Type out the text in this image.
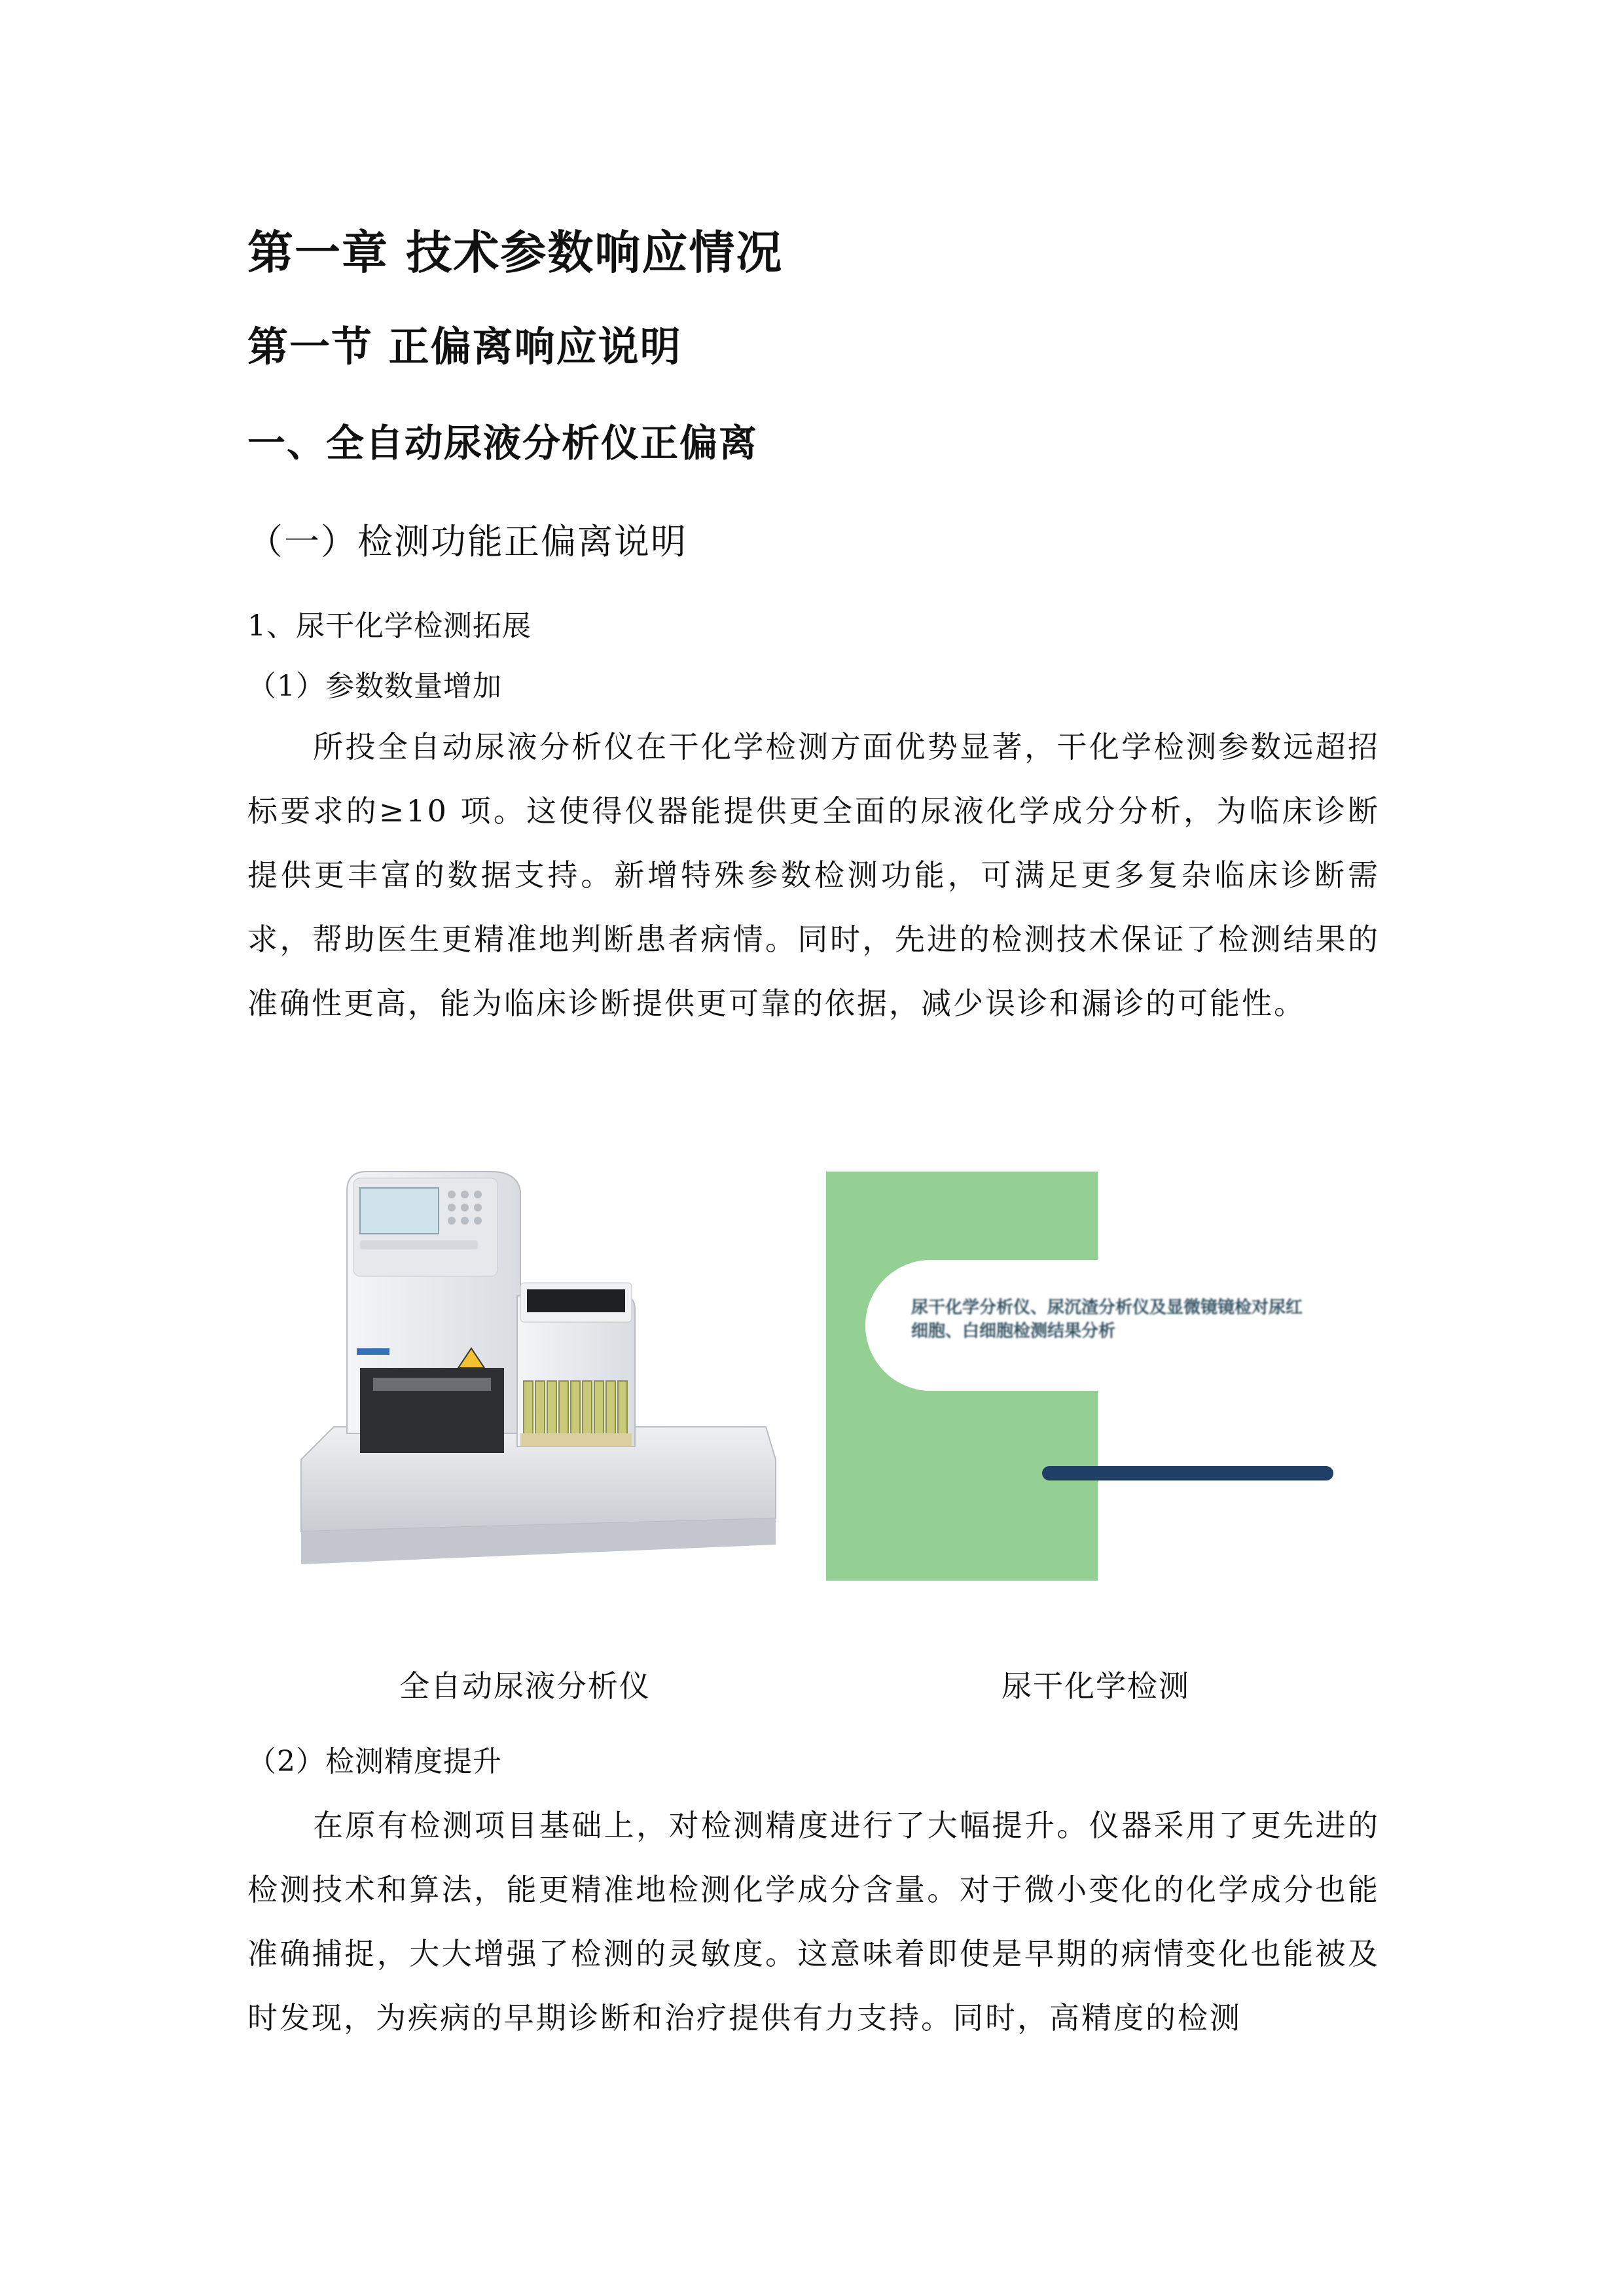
第一章 技术参数响应情况
第一节 正偏离响应说明
一、全自动尿液分析仪正偏离
（一）检测功能正偏离说明
1、尿干化学检测拓展
（1）参数数量增加

所投全自动尿液分析仪在干化学检测方面优势显著，干化学检测参数远超招标要求的≥10 项。这使得仪器能提供更全面的尿液化学成分分析，为临床诊断提供更丰富的数据支持。新增特殊参数检测功能，可满足更多复杂临床诊断需求，帮助医生更精准地判断患者病情。同时，先进的检测技术保证了检测结果的准确性更高，能为临床诊断提供更可靠的依据，减少误诊和漏诊的可能性。

尿干化学分析仪、尿沉渣分析仪及显微镜镜检对尿红细胞、白细胞检测结果分析
全自动尿液分析仪	尿干化学检测
（2）检测精度提升

在原有检测项目基础上，对检测精度进行了大幅提升。仪器采用了更先进的检测技术和算法，能更精准地检测化学成分含量。对于微小变化的化学成分也能准确捕捉，大大增强了检测的灵敏度。这意味着即使是早期的病情变化也能被及时发现，为疾病的早期诊断和治疗提供有力支持。同时，高精度的检测
